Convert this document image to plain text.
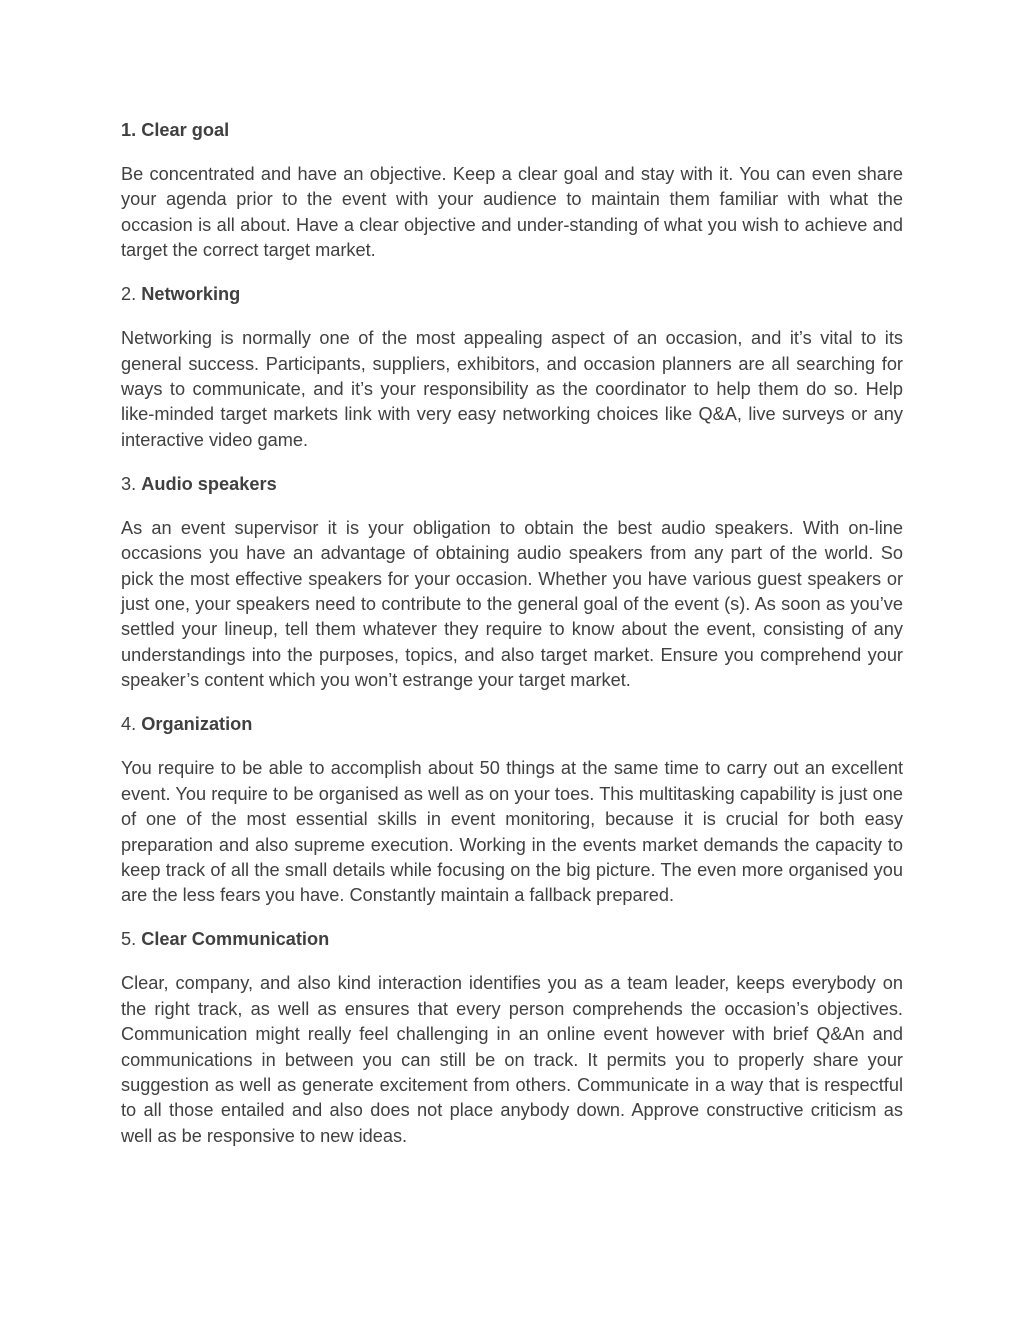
1. Clear goal

Be concentrated and have an objective. Keep a clear goal and stay with it. You can even share your agenda prior to the event with your audience to maintain them familiar with what the occasion is all about. Have a clear objective and under-standing of what you wish to achieve and target the correct target market.

2. Networking

Networking is normally one of the most appealing aspect of an occasion, and it’s vital to its general success. Participants, suppliers, exhibitors, and occasion planners are all searching for ways to communicate, and it’s your responsibility as the coordinator to help them do so. Help like-minded target markets link with very easy networking choices like Q&A, live surveys or any interactive video game.

3. Audio speakers

As an event supervisor it is your obligation to obtain the best audio speakers. With on-line occasions you have an advantage of obtaining audio speakers from any part of the world. So pick the most effective speakers for your occasion. Whether you have various guest speakers or just one, your speakers need to contribute to the general goal of the event (s). As soon as you’ve settled your lineup, tell them whatever they require to know about the event, consisting of any understandings into the purposes, topics, and also target market. Ensure you comprehend your speaker’s content which you won’t estrange your target market.

4. Organization

You require to be able to accomplish about 50 things at the same time to carry out an excellent event. You require to be organised as well as on your toes. This multitasking capability is just one of one of the most essential skills in event monitoring, because it is crucial for both easy preparation and also supreme execution. Working in the events market demands the capacity to keep track of all the small details while focusing on the big picture. The even more organised you are the less fears you have. Constantly maintain a fallback prepared.

5. Clear Communication

Clear, company, and also kind interaction identifies you as a team leader, keeps everybody on the right track, as well as ensures that every person comprehends the occasion’s objectives. Communication might really feel challenging in an online event however with brief Q&An and communications in between you can still be on track. It permits you to properly share your suggestion as well as generate excitement from others. Communicate in a way that is respectful to all those entailed and also does not place anybody down. Approve constructive criticism as well as be responsive to new ideas.
